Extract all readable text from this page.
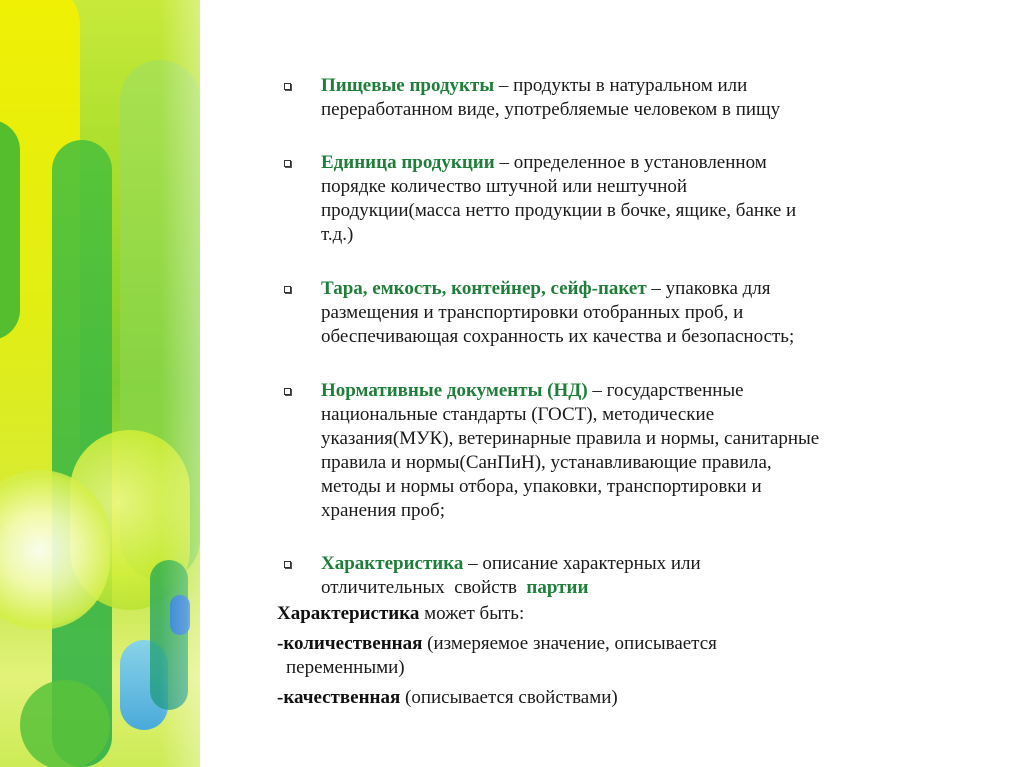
Пищевые продукты – продукты в натуральном или
переработанном виде, употребляемые человеком в пищу
Единица продукции – определенное в установленном
порядке количество штучной или нештучной
продукции(масса нетто продукции в бочке, ящике, банке и
т.д.)
Тара, емкость, контейнер, сейф-пакет – упаковка для
размещения и транспортировки отобранных проб, и
обеспечивающая сохранность их качества и безопасность;
Нормативные документы (НД) – государственные
национальные стандарты (ГОСТ), методические
указания(МУК), ветеринарные правила и нормы, санитарные
правила и нормы(СанПиН), устанавливающие правила,
методы и нормы отбора, упаковки, транспортировки и
хранения проб;
Характеристика – описание характерных или
отличительных  свойств  партии
Характеристика может быть:
-количественная (измеряемое значение, описывается
переменными)
-качественная (описывается свойствами)
